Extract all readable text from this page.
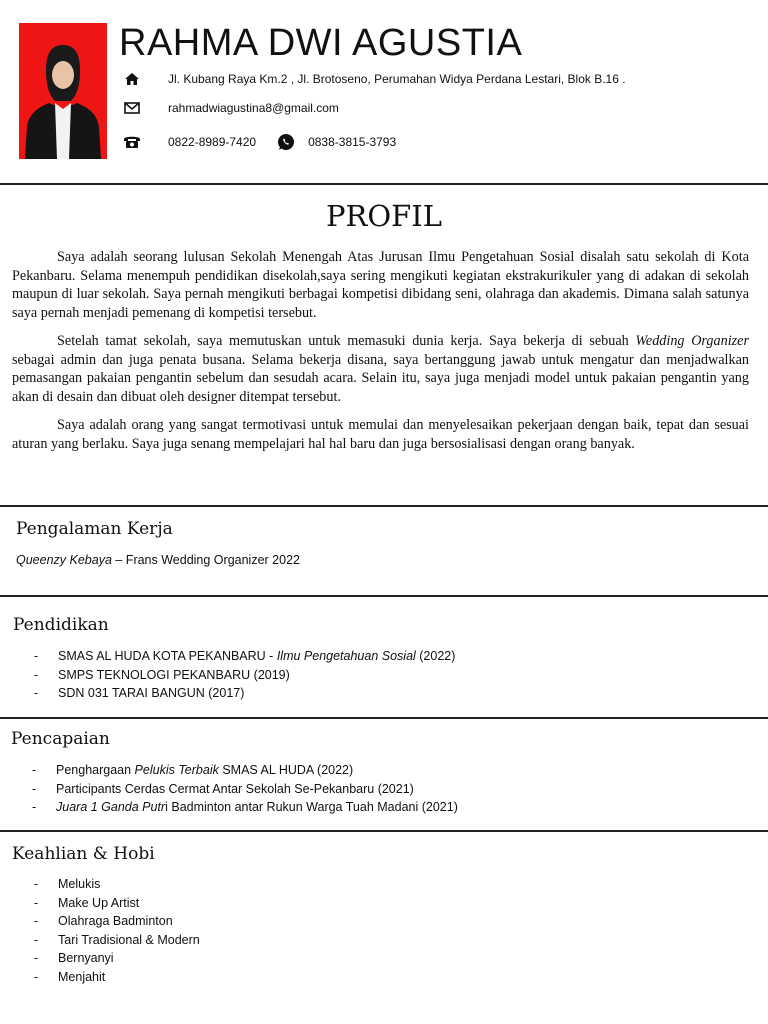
RAHMA DWI AGUSTIA
Jl. Kubang Raya Km.2 , Jl. Brotoseno, Perumahan Widya Perdana Lestari, Blok B.16 .
rahmadwiagustina8@gmail.com
0822-8989-7420	0838-3815-3793
PROFIL
Saya adalah seorang lulusan Sekolah Menengah Atas Jurusan Ilmu Pengetahuan Sosial disalah satu sekolah di Kota Pekanbaru. Selama menempuh pendidikan disekolah,saya sering mengikuti kegiatan ekstrakurikuler yang di adakan di sekolah maupun di luar sekolah. Saya pernah mengikuti berbagai kompetisi dibidang seni, olahraga dan akademis. Dimana salah satunya saya pernah menjadi pemenang di kompetisi tersebut.
Setelah tamat sekolah, saya memutuskan untuk memasuki dunia kerja. Saya bekerja di sebuah Wedding Organizer sebagai admin dan juga penata busana. Selama bekerja disana, saya bertanggung jawab untuk mengatur dan menjadwalkan pemasangan pakaian pengantin sebelum dan sesudah acara. Selain itu, saya juga menjadi model untuk pakaian pengantin yang akan di desain dan dibuat oleh designer ditempat tersebut.
Saya adalah orang yang sangat termotivasi untuk memulai dan menyelesaikan pekerjaan dengan baik, tepat dan sesuai aturan yang berlaku. Saya juga senang mempelajari hal hal baru dan juga bersosialisasi dengan orang banyak.
Pengalaman Kerja
Queenzy Kebaya – Frans Wedding Organizer 2022
Pendidikan
- SMAS AL HUDA KOTA PEKANBARU - Ilmu Pengetahuan Sosial (2022)
- SMPS TEKNOLOGI PEKANBARU (2019)
- SDN 031 TARAI BANGUN (2017)
Pencapaian
- Penghargaan Pelukis Terbaik SMAS AL HUDA (2022)
- Participants Cerdas Cermat Antar Sekolah Se-Pekanbaru (2021)
- Juara 1 Ganda Putri Badminton antar Rukun Warga Tuah Madani (2021)
Keahlian & Hobi
- Melukis
- Make Up Artist
- Olahraga Badminton
- Tari Tradisional & Modern
- Bernyanyi
- Menjahit
